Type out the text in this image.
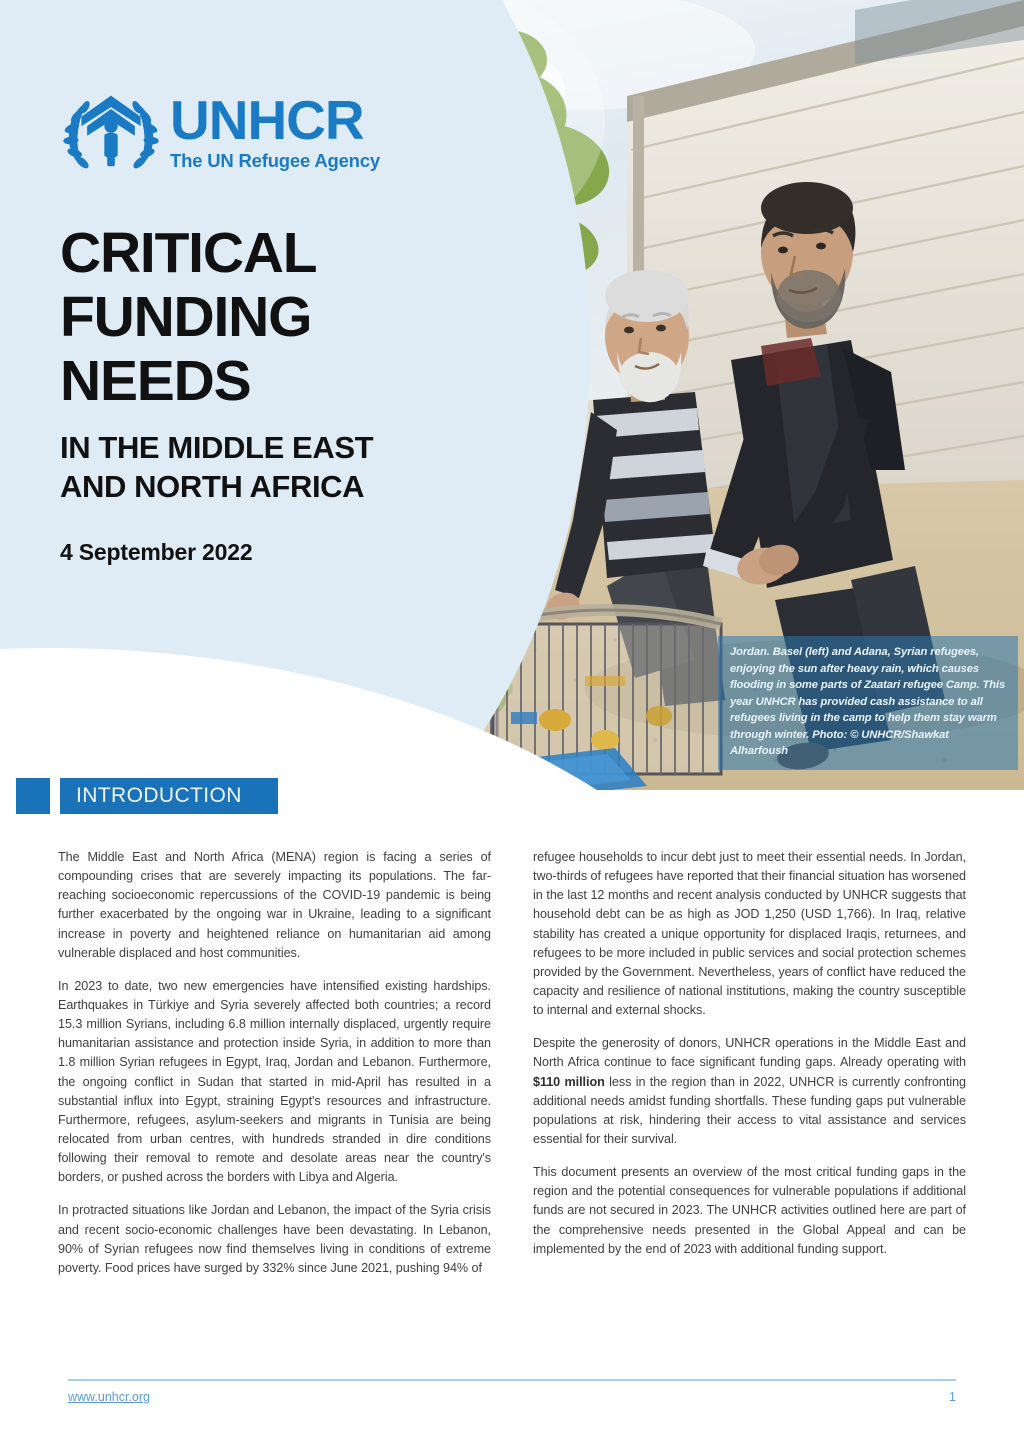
UNHCR
The UN Refugee Agency
CRITICAL
FUNDING
NEEDS
IN THE MIDDLE EAST
AND NORTH AFRICA
4 September 2022

Jordan. Basel (left) and Adana, Syrian refugees, enjoying the sun after heavy rain, which causes flooding in some parts of Zaatari refugee Camp. This year UNHCR has provided cash assistance to all refugees living in the camp to help them stay warm through winter. Photo: © UNHCR/Shawkat Alharfoush

INTRODUCTION

The Middle East and North Africa (MENA) region is facing a series of compounding crises that are severely impacting its populations. The far-reaching socioeconomic repercussions of the COVID-19 pandemic is being further exacerbated by the ongoing war in Ukraine, leading to a significant increase in poverty and heightened reliance on humanitarian aid among vulnerable displaced and host communities.

In 2023 to date, two new emergencies have intensified existing hardships. Earthquakes in Türkiye and Syria severely affected both countries; a record 15.3 million Syrians, including 6.8 million internally displaced, urgently require humanitarian assistance and protection inside Syria, in addition to more than 1.8 million Syrian refugees in Egypt, Iraq, Jordan and Lebanon. Furthermore, the ongoing conflict in Sudan that started in mid-April has resulted in a substantial influx into Egypt, straining Egypt's resources and infrastructure. Furthermore, refugees, asylum-seekers and migrants in Tunisia are being relocated from urban centres, with hundreds stranded in dire conditions following their removal to remote and desolate areas near the country's borders, or pushed across the borders with Libya and Algeria.

In protracted situations like Jordan and Lebanon, the impact of the Syria crisis and recent socio-economic challenges have been devastating. In Lebanon, 90% of Syrian refugees now find themselves living in conditions of extreme poverty. Food prices have surged by 332% since June 2021, pushing 94% of

refugee households to incur debt just to meet their essential needs. In Jordan, two-thirds of refugees have reported that their financial situation has worsened in the last 12 months and recent analysis conducted by UNHCR suggests that household debt can be as high as JOD 1,250 (USD 1,766). In Iraq, relative stability has created a unique opportunity for displaced Iraqis, returnees, and refugees to be more included in public services and social protection schemes provided by the Government. Nevertheless, years of conflict have reduced the capacity and resilience of national institutions, making the country susceptible to internal and external shocks.

Despite the generosity of donors, UNHCR operations in the Middle East and North Africa continue to face significant funding gaps. Already operating with $110 million less in the region than in 2022, UNHCR is currently confronting additional needs amidst funding shortfalls. These funding gaps put vulnerable populations at risk, hindering their access to vital assistance and services essential for their survival.

This document presents an overview of the most critical funding gaps in the region and the potential consequences for vulnerable populations if additional funds are not secured in 2023. The UNHCR activities outlined here are part of the comprehensive needs presented in the Global Appeal and can be implemented by the end of 2023 with additional funding support.

www.unhcr.org	1
